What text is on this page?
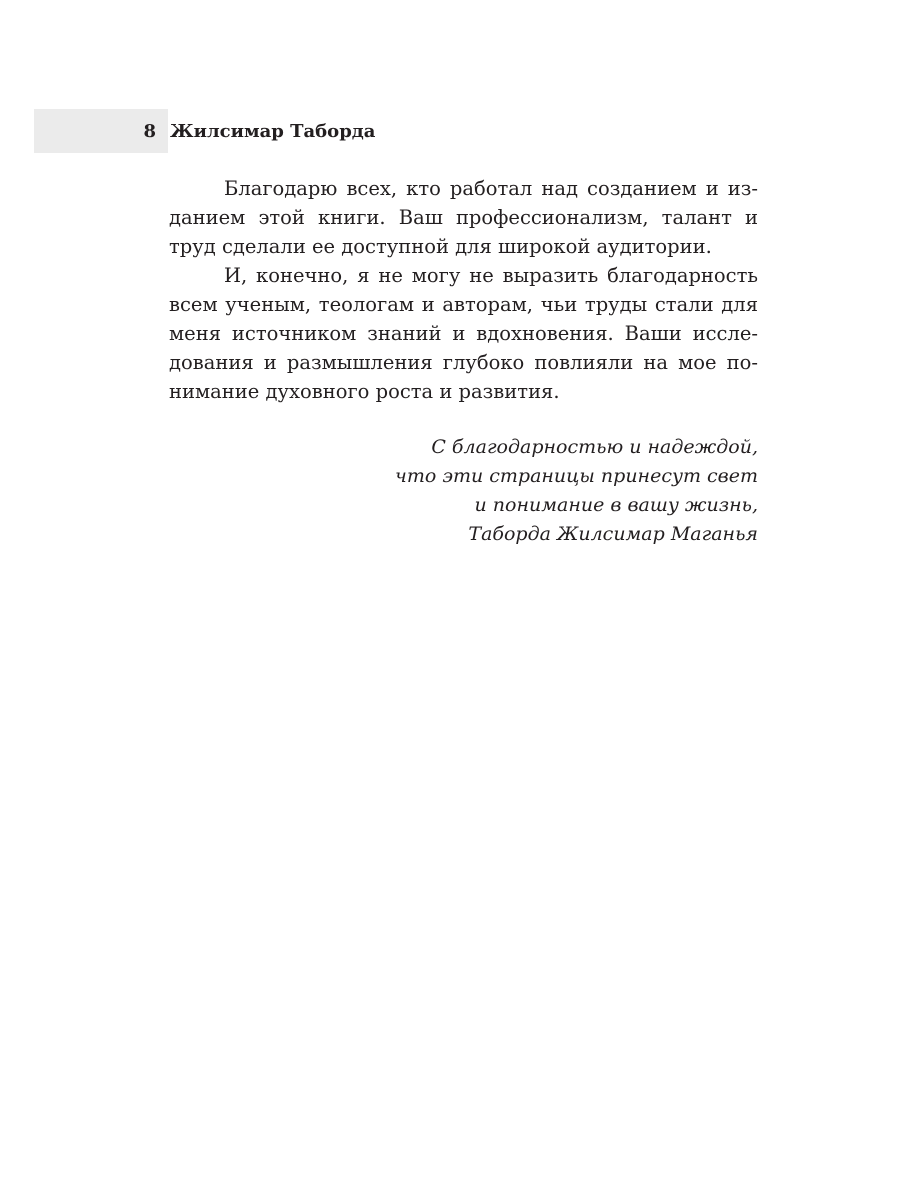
8 Жилсимар Таборда

Благодарю всех, кто работал над созданием и изданием этой книги. Ваш профессионализм, талант и труд сделали ее доступной для широкой аудитории.

И, конечно, я не могу не выразить благодарность всем ученым, теологам и авторам, чьи труды стали для меня источником знаний и вдохновения. Ваши исследования и размышления глубоко повлияли на мое понимание духовного роста и развития.

С благодарностью и надеждой,
что эти страницы принесут свет
и понимание в вашу жизнь,
Таборда Жилсимар Маганья
